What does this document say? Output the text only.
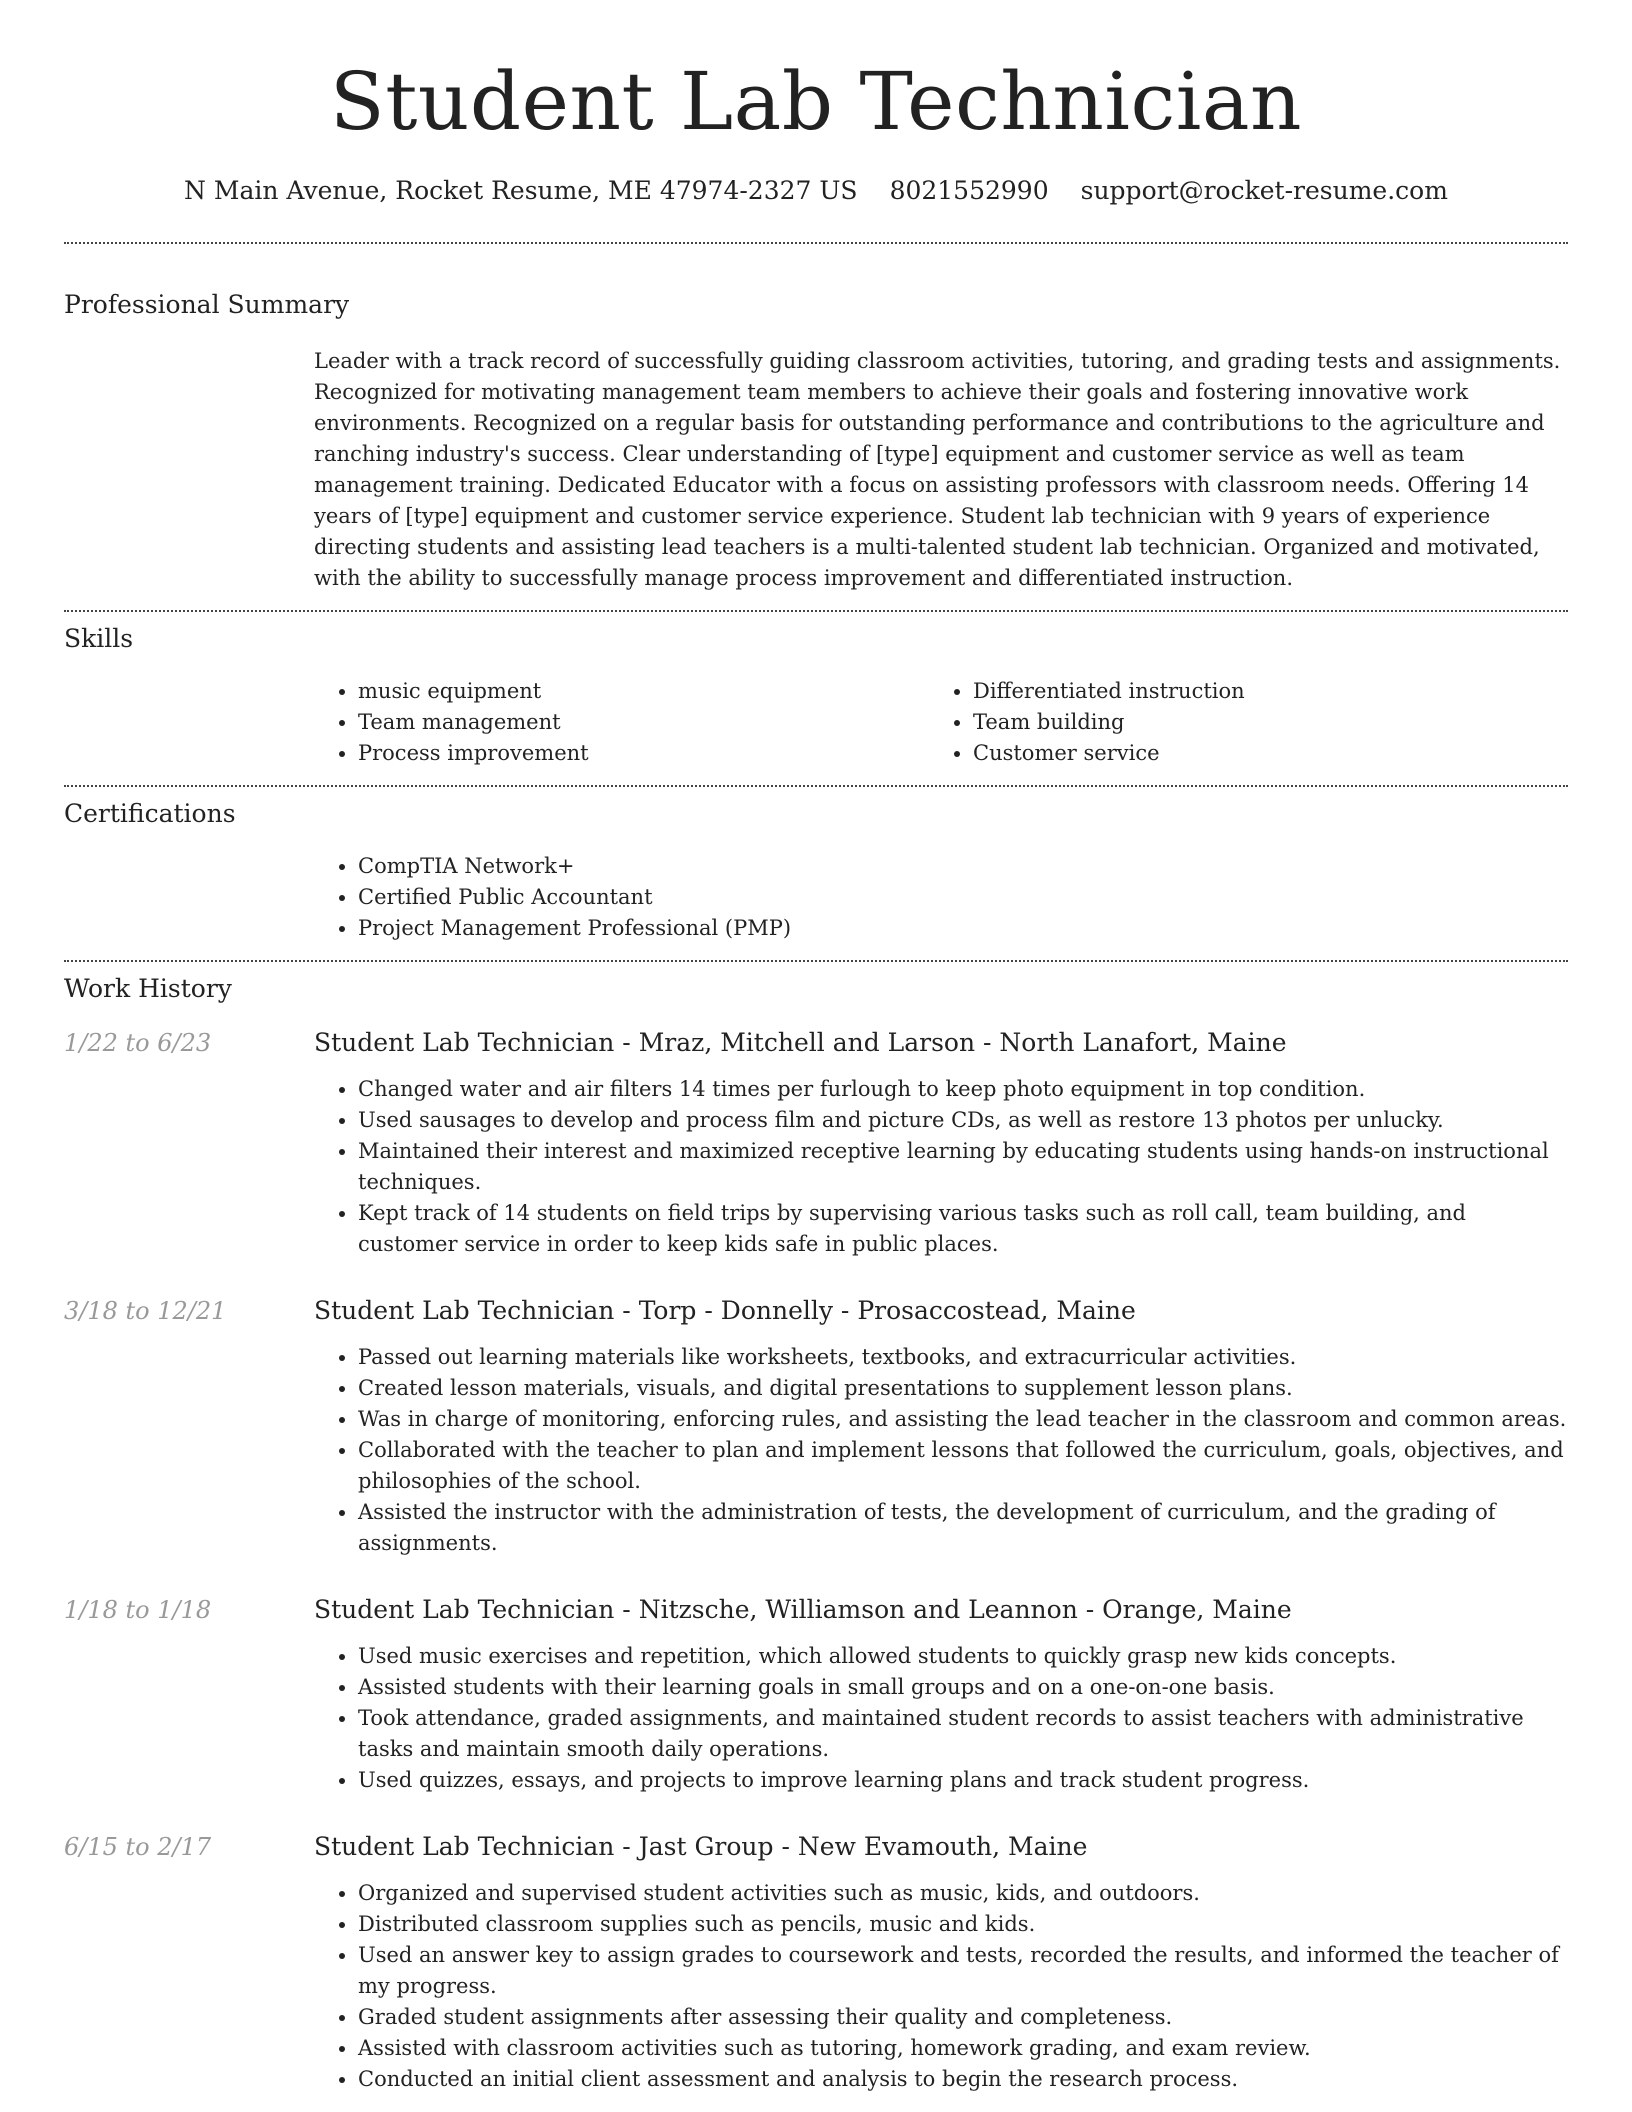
Student Lab Technician
N Main Avenue, Rocket Resume, ME 47974-2327 US 8021552990 support@rocket-resume.com
Professional Summary

Leader with a track record of successfully guiding classroom activities, tutoring, and grading tests and assignments. Recognized for motivating management team members to achieve their goals and fostering innovative work environments. Recognized on a regular basis for outstanding performance and contributions to the agriculture and ranching industry's success. Clear understanding of [type] equipment and customer service as well as team management training. Dedicated Educator with a focus on assisting professors with classroom needs. Offering 14 years of [type] equipment and customer service experience. Student lab technician with 9 years of experience directing students and assisting lead teachers is a multi-talented student lab technician. Organized and motivated, with the ability to successfully manage process improvement and differentiated instruction.

Skills
• music equipment
• Team management
• Process improvement
• Differentiated instruction
• Team building
• Customer service
Certifications
• CompTIA Network+
• Certified Public Accountant
• Project Management Professional (PMP)
Work History
1/22 to 6/23	Student Lab Technician - Mraz, Mitchell and Larson - North Lanafort, Maine
• Changed water and air filters 14 times per furlough to keep photo equipment in top condition.
• Used sausages to develop and process film and picture CDs, as well as restore 13 photos per unlucky.
• Maintained their interest and maximized receptive learning by educating students using hands-on instructional techniques.
• Kept track of 14 students on field trips by supervising various tasks such as roll call, team building, and customer service in order to keep kids safe in public places.
3/18 to 12/21	Student Lab Technician - Torp - Donnelly - Prosaccostead, Maine
• Passed out learning materials like worksheets, textbooks, and extracurricular activities.
• Created lesson materials, visuals, and digital presentations to supplement lesson plans.
• Was in charge of monitoring, enforcing rules, and assisting the lead teacher in the classroom and common areas.
• Collaborated with the teacher to plan and implement lessons that followed the curriculum, goals, objectives, and philosophies of the school.
• Assisted the instructor with the administration of tests, the development of curriculum, and the grading of assignments.
1/18 to 1/18	Student Lab Technician - Nitzsche, Williamson and Leannon - Orange, Maine
• Used music exercises and repetition, which allowed students to quickly grasp new kids concepts.
• Assisted students with their learning goals in small groups and on a one-on-one basis.
• Took attendance, graded assignments, and maintained student records to assist teachers with administrative tasks and maintain smooth daily operations.
• Used quizzes, essays, and projects to improve learning plans and track student progress.
6/15 to 2/17	Student Lab Technician - Jast Group - New Evamouth, Maine
• Organized and supervised student activities such as music, kids, and outdoors.
• Distributed classroom supplies such as pencils, music and kids.
• Used an answer key to assign grades to coursework and tests, recorded the results, and informed the teacher of my progress.
• Graded student assignments after assessing their quality and completeness.
• Assisted with classroom activities such as tutoring, homework grading, and exam review.
• Conducted an initial client assessment and analysis to begin the research process.
